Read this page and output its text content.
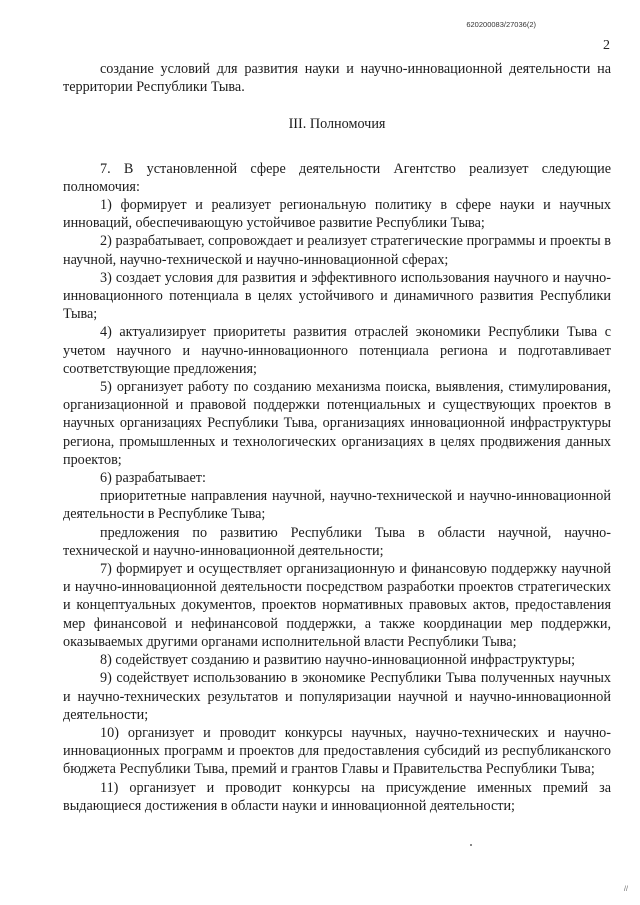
620200083/27036(2)
2

создание условий для развития науки и научно-инновационной деятельности на территории Республики Тыва.

III. Полномочия

7. В установленной сфере деятельности Агентство реализует следующие полномочия:

1) формирует и реализует региональную политику в сфере науки и научных инноваций, обеспечивающую устойчивое развитие Республики Тыва;

2) разрабатывает, сопровождает и реализует стратегические программы и проекты в научной, научно-технической и научно-инновационной сферах;

3) создает условия для развития и эффективного использования научного и научно-инновационного потенциала в целях устойчивого и динамичного развития Республики Тыва;

4) актуализирует приоритеты развития отраслей экономики Республики Тыва с учетом научного и научно-инновационного потенциала региона и подготавливает соответствующие предложения;

5) организует работу по созданию механизма поиска, выявления, стимулирования, организационной и правовой поддержки потенциальных и существующих проектов в научных организациях Республики Тыва, организациях инновационной инфраструктуры региона, промышленных и технологических организациях в целях продвижения данных проектов;

6) разрабатывает:

приоритетные направления научной, научно-технической и научно-инновационной деятельности в Республике Тыва;

предложения по развитию Республики Тыва в области научной, научно-технической и научно-инновационной деятельности;

7) формирует и осуществляет организационную и финансовую поддержку научной и научно-инновационной деятельности посредством разработки проектов стратегических и концептуальных документов, проектов нормативных правовых актов, предоставления мер финансовой и нефинансовой поддержки, а также координации мер поддержки, оказываемых другими органами исполнительной власти Республики Тыва;

8) содействует созданию и развитию научно-инновационной инфраструктуры;

9) содействует использованию в экономике Республики Тыва полученных научных и научно-технических результатов и популяризации научной и научно-инновационной деятельности;

10) организует и проводит конкурсы научных, научно-технических и научно-инновационных программ и проектов для предоставления субсидий из республиканского бюджета Республики Тыва, премий и грантов Главы и Правительства Республики Тыва;

11) организует и проводит конкурсы на присуждение именных премий за выдающиеся достижения в области науки и инновационной деятельности;

//
